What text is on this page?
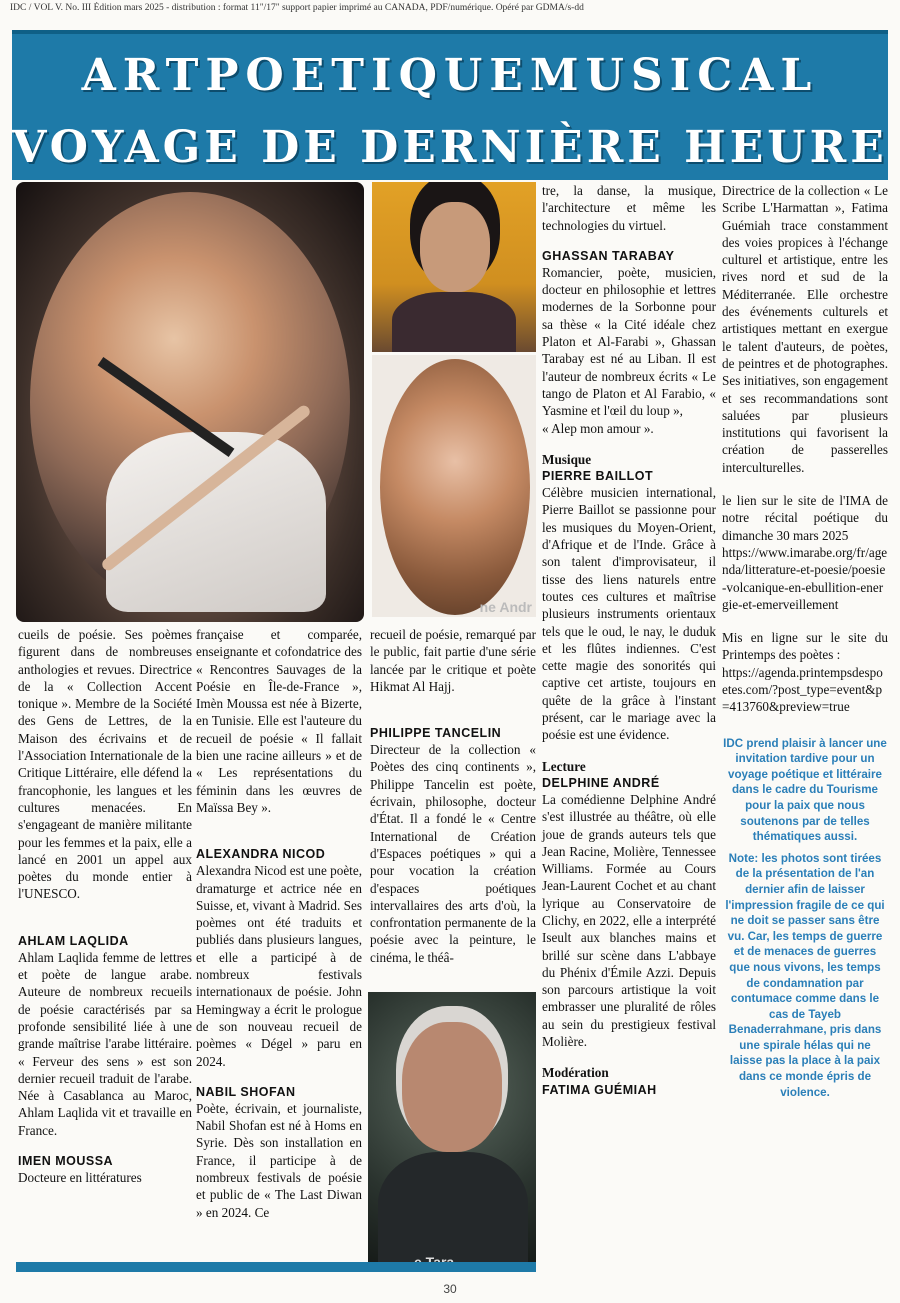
IDC / VOL V. No. III Édition mars 2025 - distribution : format 11"/17" support papier imprimé au CANADA, PDF/numérique. Opéré par GDMA/s-dd
ARTPOETIQUEMUSICAL
VOYAGE DE DERNIÈRE HEURE
ne Andr

cueils de poésie. Ses poèmes figurent dans de nombreuses anthologies et revues. Directrice de la « Collection Accent tonique ». Membre de la Société des Gens de Lettres, de la Maison des écrivains et de l'Association Internationale de la Critique Littéraire, elle défend la francophonie, les langues et les cultures menacées. En s'engageant de manière militante pour les femmes et la paix, elle a lancé en 2001 un appel aux poètes du monde entier à l'UNESCO.

AHLAM LAQLIDA

Ahlam Laqlida femme de lettres et poète de langue arabe. Auteure de nombreux recueils de poésie caractérisés par sa profonde sensibilité liée à une grande maîtrise l'arabe littéraire. « Ferveur des sens » est son dernier recueil traduit de l'arabe. Née à Casablanca au Maroc, Ahlam Laqlida vit et travaille en France.

IMEN MOUSSA

Docteure en littératures

française et comparée, enseignante et cofondatrice des « Rencontres Sauvages de la Poésie en Île-de-France », Imèn Moussa est née à Bizerte, en Tunisie. Elle est l'auteure du recueil de poésie « Il fallait bien une racine ailleurs » et de « Les représentations du féminin dans les œuvres de Maïssa Bey ».

ALEXANDRA NICOD

Alexandra Nicod est une poète, dramaturge et actrice née en Suisse, et, vivant à Madrid. Ses poèmes ont été traduits et publiés dans plusieurs langues, et elle a participé à de nombreux festivals internationaux de poésie. John Hemingway a écrit le prologue de son nouveau recueil de poèmes « Dégel » paru en 2024.

NABIL SHOFAN

Poète, écrivain, et journaliste, Nabil Shofan est né à Homs en Syrie. Dès son installation en France, il participe à de nombreux festivals de poésie et public de « The Last Diwan » en 2024. Ce

recueil de poésie, remarqué par le public, fait partie d'une série lancée par le critique et poète Hikmat Al Hajj.

PHILIPPE TANCELIN

Directeur de la collection « Poètes des cinq continents », Philippe Tancelin est poète, écrivain, philosophe, docteur d'État. Il a fondé le « Centre International de Création d'Espaces poétiques » qui a pour vocation la création d'espaces poétiques intervallaires des arts d'où, la confrontation permanente de la poésie avec la peinture, le cinéma, le théâ-

tre, la danse, la musique, l'architecture et même les technologies du virtuel.

GHASSAN TARABAY

Romancier, poète, musicien, docteur en philosophie et lettres modernes de la Sorbonne pour sa thèse « la Cité idéale chez Platon et Al-Farabi », Ghassan Tarabay est né au Liban. Il est l'auteur de nombreux écrits « Le tango de Platon et Al Farabio, « Yasmine et l'œil du loup »,

« Alep mon amour ».

Musique
PIERRE BAILLOT

Célèbre musicien international, Pierre Baillot se passionne pour les musiques du Moyen-Orient, d'Afrique et de l'Inde. Grâce à son talent d'improvisateur, il tisse des liens naturels entre toutes ces cultures et maîtrise plusieurs instruments orientaux tels que le oud, le nay, le duduk et les flûtes indiennes. C'est cette magie des sonorités qui captive cet artiste, toujours en quête de la grâce à l'instant présent, car le mariage avec la poésie est une évidence.

Lecture
DELPHINE ANDRÉ

La comédienne Delphine André s'est illustrée au théâtre, où elle joue de grands auteurs tels que Jean Racine, Molière, Tennessee Williams. Formée au Cours Jean-Laurent Cochet et au chant lyrique au Conservatoire de Clichy, en 2022, elle a interprété Iseult aux blanches mains et brillé sur scène dans L'abbaye du Phénix d'Émile Azzi. Depuis son parcours artistique la voit embrasser une pluralité de rôles au sein du prestigieux festival Molière.

Modération
FATIMA GUÉMIAH

Directrice de la collection « Le Scribe L'Harmattan », Fatima Guémiah trace constamment des voies propices à l'échange culturel et artistique, entre les rives nord et sud de la Méditerranée. Elle orchestre des événements culturels et artistiques mettant en exergue le talent d'auteurs, de poètes, de peintres et de photographes. Ses initiatives, son engagement et ses recommandations sont saluées par plusieurs institutions qui favorisent la création de passerelles interculturelles.

le lien sur le site de l'IMA de notre récital poétique du dimanche 30 mars 2025

https://www.imarabe.org/fr/agenda/litterature-et-poesie/poesie-volcanique-en-ebullition-energie-et-emerveillement

Mis en ligne sur le site du Printemps des poètes :

https://agenda.printempsdespoetes.com/?post_type=event&p=413760&preview=true

IDC prend plaisir à lancer une invitation tardive pour un voyage poétique et littéraire dans le cadre du Tourisme pour la paix que nous soutenons par de telles thématiques aussi.

Note: les photos sont tirées de la présentation de l'an dernier afin de laisser l'impression fragile de ce qui ne doit se passer sans être vu. Car, les temps de guerre et de menaces de guerres que nous vivons, les temps de condamnation par contumace comme dans le cas de Tayeb Benaderrahmane, pris dans une spirale hélas qui ne laisse pas la place à la paix dans ce monde épris de violence.

30
